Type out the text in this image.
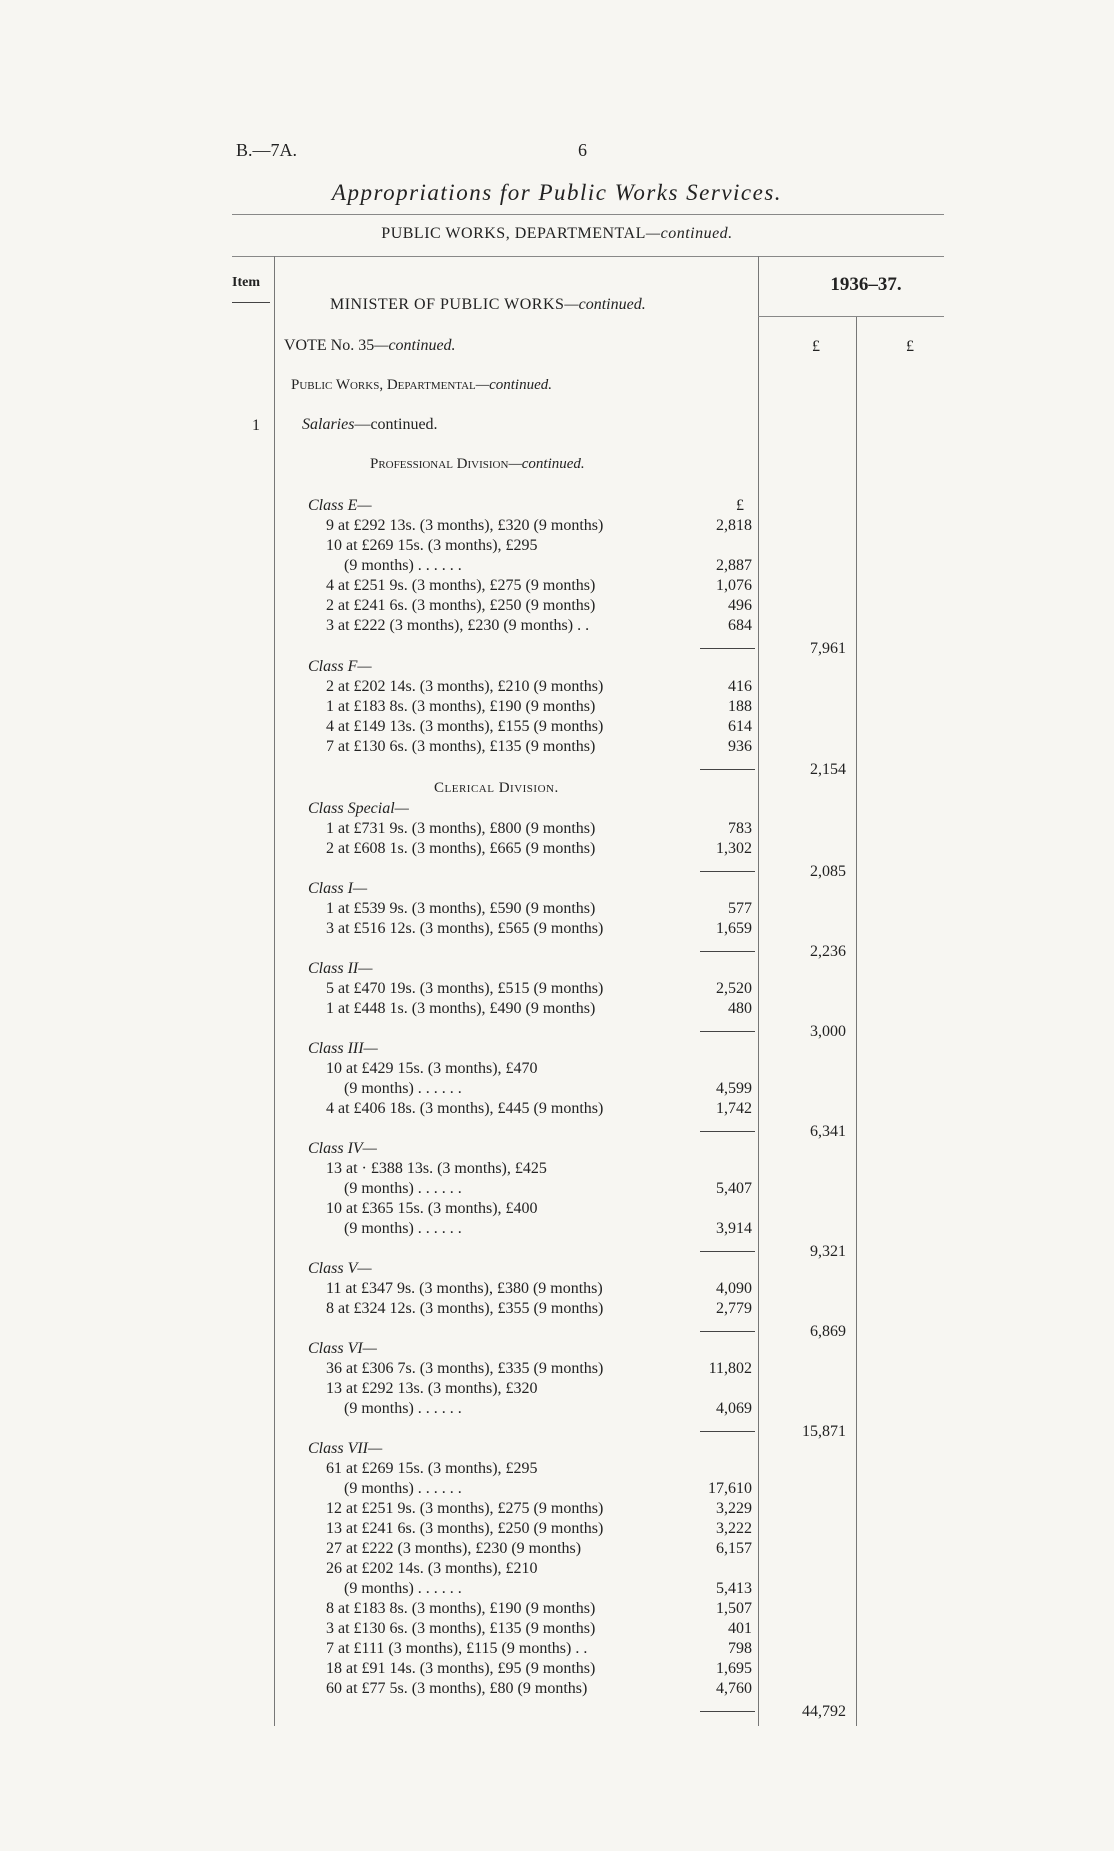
B.—7A.	6
Appropriations for Public Works Services.
PUBLIC WORKS, DEPARTMENTAL—continued.
Item	1936–37.
MINISTER OF PUBLIC WORKS—continued.
VOTE No. 35—continued.	£	£
Public Works, Departmental—continued.
1	Salaries—continued.
Professional Division—continued.
Class E—	£
9 at £292 13s. (3 months), £320 (9 months)	2,818
10 at £269 15s. (3 months), £295
(9 months) . . . . . .	2,887
4 at £251 9s. (3 months), £275 (9 months)	1,076
2 at £241 6s. (3 months), £250 (9 months)	496
3 at £222 (3 months), £230 (9 months) . .	684
7,961
Class F—
2 at £202 14s. (3 months), £210 (9 months)	416
1 at £183 8s. (3 months), £190 (9 months)	188
4 at £149 13s. (3 months), £155 (9 months)	614
7 at £130 6s. (3 months), £135 (9 months)	936
2,154
Clerical Division.
Class Special—
1 at £731 9s. (3 months), £800 (9 months)	783
2 at £608 1s. (3 months), £665 (9 months)	1,302
2,085
Class I—
1 at £539 9s. (3 months), £590 (9 months)	577
3 at £516 12s. (3 months), £565 (9 months)	1,659
2,236
Class II—
5 at £470 19s. (3 months), £515 (9 months)	2,520
1 at £448 1s. (3 months), £490 (9 months)	480
3,000
Class III—
10 at £429 15s. (3 months), £470
(9 months) . . . . . .	4,599
4 at £406 18s. (3 months), £445 (9 months)	1,742
6,341
Class IV—
13 at · £388 13s. (3 months), £425
(9 months) . . . . . .	5,407
10 at £365 15s. (3 months), £400
(9 months) . . . . . .	3,914
9,321
Class V—
11 at £347 9s. (3 months), £380 (9 months)	4,090
8 at £324 12s. (3 months), £355 (9 months)	2,779
6,869
Class VI—
36 at £306 7s. (3 months), £335 (9 months)	11,802
13 at £292 13s. (3 months), £320
(9 months) . . . . . .	4,069
15,871
Class VII—
61 at £269 15s. (3 months), £295
(9 months) . . . . . .	17,610
12 at £251 9s. (3 months), £275 (9 months)	3,229
13 at £241 6s. (3 months), £250 (9 months)	3,222
27 at £222 (3 months), £230 (9 months)	6,157
26 at £202 14s. (3 months), £210
(9 months) . . . . . .	5,413
8 at £183 8s. (3 months), £190 (9 months)	1,507
3 at £130 6s. (3 months), £135 (9 months)	401
7 at £111 (3 months), £115 (9 months) . .	798
18 at £91 14s. (3 months), £95 (9 months)	1,695
60 at £77 5s. (3 months), £80 (9 months)	4,760
44,792
